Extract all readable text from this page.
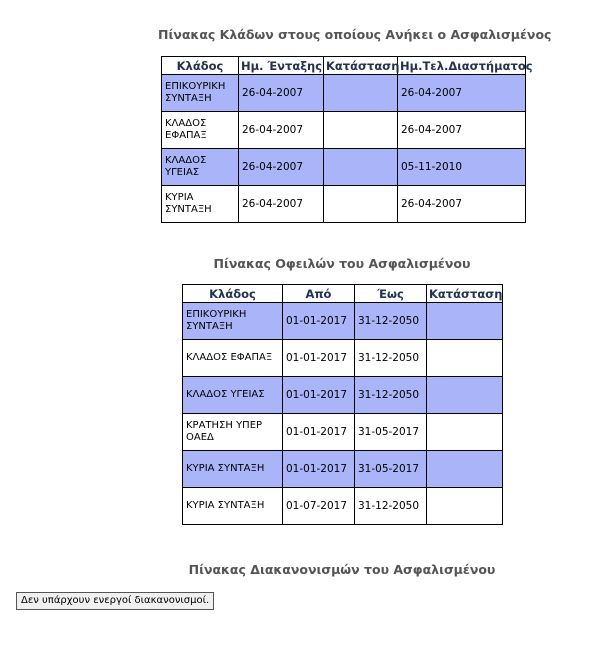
Πίνακας Κλάδων στους οποίους Ανήκει ο Ασφαλισμένος
Κλάδος	Ημ. Ένταξης	Κατάσταση	Ημ.Τελ.Διαστήματος
ΕΠΙΚΟΥΡΙΚΗ ΣΥΝΤΑΞΗ	26-04-2007		26-04-2007
ΚΛΑΔΟΣ ΕΦΑΠΑΞ	26-04-2007		26-04-2007
ΚΛΑΔΟΣ ΥΓΕΙΑΣ	26-04-2007		05-11-2010
ΚΥΡΙΑ ΣΥΝΤΑΞΗ	26-04-2007		26-04-2007
Πίνακας Οφειλών του Ασφαλισμένου
Κλάδος	Από	Έως	Κατάσταση
ΕΠΙΚΟΥΡΙΚΗ ΣΥΝΤΑΞΗ	01-01-2017	31-12-2050	
ΚΛΑΔΟΣ ΕΦΑΠΑΞ	01-01-2017	31-12-2050	
ΚΛΑΔΟΣ ΥΓΕΙΑΣ	01-01-2017	31-12-2050	
ΚΡΑΤΗΣΗ ΥΠΕΡ ΟΑΕΔ	01-01-2017	31-05-2017	
ΚΥΡΙΑ ΣΥΝΤΑΞΗ	01-01-2017	31-05-2017	
ΚΥΡΙΑ ΣΥΝΤΑΞΗ	01-07-2017	31-12-2050	
Πίνακας Διακανονισμών του Ασφαλισμένου
Δεν υπάρχουν ενεργοί διακανονισμοί.
